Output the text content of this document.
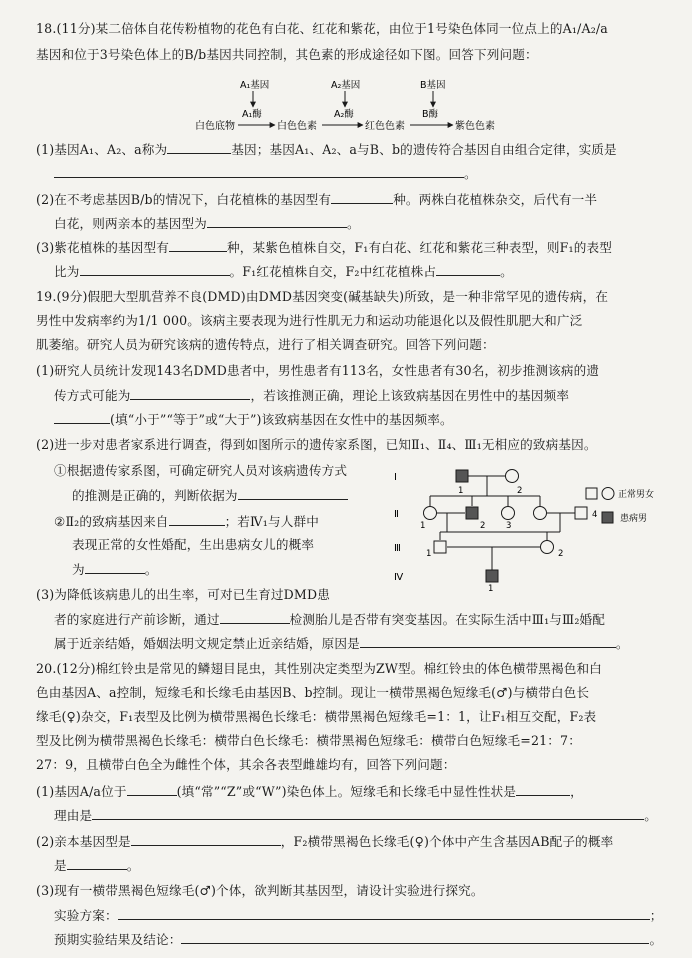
18.(11分)某二倍体自花传粉植物的花色有白花、红花和紫花，由位于1号染色体同一位点上的A₁/A₂/a
基因和位于3号染色体上的B/b基因共同控制，其色素的形成途径如下图。回答下列问题：
A₁基因	A₂基因	B基因
A₁酶	A₂酶	B酶
白色底物	白色色素	红色色素	紫色色素
(1)基因A₁、A₂、a称为	基因；基因A₁、A₂、a与B、b的遗传符合基因自由组合定律，实质是
。
(2)在不考虑基因B/b的情况下，白花植株的基因型有	种。两株白花植株杂交，后代有一半
白花，则两亲本的基因型为	。
(3)紫花植株的基因型有	种，某紫色植株自交，F₁有白花、红花和紫花三种表型，则F₁的表型
比为	。F₁红花植株自交，F₂中红花植株占	。
19.(9分)假肥大型肌营养不良(DMD)由DMD基因突变(碱基缺失)所致，是一种非常罕见的遗传病，在
男性中发病率约为1/1 000。该病主要表现为进行性肌无力和运动功能退化以及假性肌肥大和广泛
肌萎缩。研究人员为研究该病的遗传特点，进行了相关调查研究。回答下列问题：
(1)研究人员统计发现143名DMD患者中，男性患者有113名，女性患者有30名，初步推测该病的遗
传方式可能为	，若该推测正确，理论上该致病基因在男性中的基因频率
(填“小于”“等于”或“大于”)该致病基因在女性中的基因频率。
(2)进一步对患者家系进行调查，得到如图所示的遗传家系图，已知Ⅱ₁、Ⅱ₄、Ⅲ₁无相应的致病基因。
①根据遗传家系图，可确定研究人员对该病遗传方式
的推测是正确的，判断依据为
②Ⅱ₂的致病基因来自	；若Ⅳ₁与人群中
表现正常的女性婚配，生出患病女儿的概率
为	。
Ⅰ
Ⅱ
Ⅲ
Ⅳ
1	2
1	2 3
4
1	2
1
正常男女
患病男
(3)为降低该病患儿的出生率，可对已生育过DMD患
者的家庭进行产前诊断，通过	检测胎儿是否带有突变基因。在实际生活中Ⅲ₁与Ⅲ₂婚配
属于近亲结婚，婚姻法明文规定禁止近亲结婚，原因是	。
20.(12分)棉红铃虫是常见的鳞翅目昆虫，其性别决定类型为ZW型。棉红铃虫的体色横带黑褐色和白
色由基因A、a控制，短缘毛和长缘毛由基因B、b控制。现让一横带黑褐色短缘毛(♂)与横带白色长
缘毛(♀)杂交，F₁表型及比例为横带黑褐色长缘毛：横带黑褐色短缘毛=1：1，让F₁相互交配，F₂表
型及比例为横带黑褐色长缘毛：横带白色长缘毛：横带黑褐色短缘毛：横带白色短缘毛=21：7：
27：9，且横带白色全为雌性个体，其余各表型雌雄均有，回答下列问题：
(1)基因A/a位于	(填“常”“Z”或“W”)染色体上。短缘毛和长缘毛中显性性状是	，
理由是	。
(2)亲本基因型是	，F₂横带黑褐色长缘毛(♀)个体中产生含基因AB配子的概率
是	。
(3)现有一横带黑褐色短缘毛(♂)个体，欲判断其基因型，请设计实验进行探究。
实验方案：	；
预期实验结果及结论：	。
